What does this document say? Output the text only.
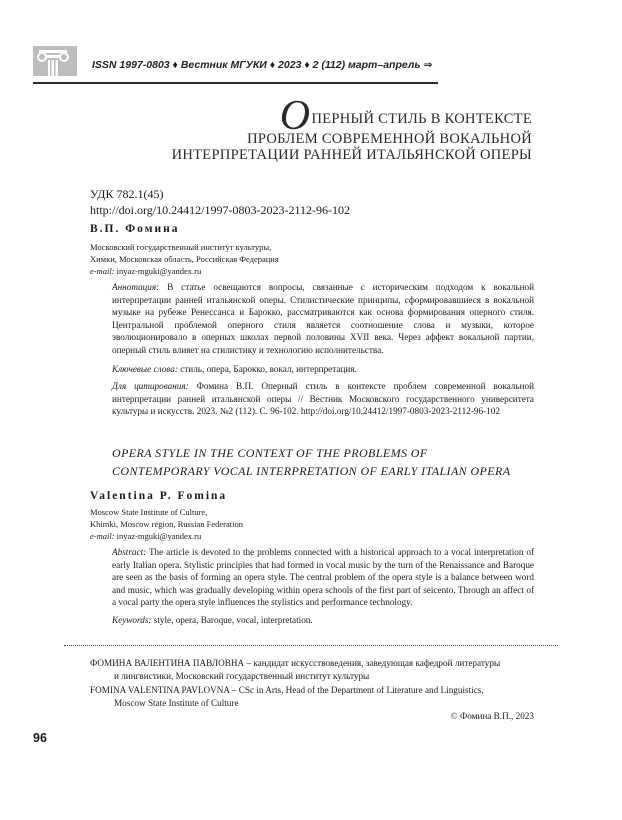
ISSN 1997-0803 ♦ Вестник МГУКИ ♦ 2023 ♦ 2 (112) март–апрель ⇒
ОПЕРНЫЙ СТИЛЬ В КОНТЕКСТЕ
ПРОБЛЕМ СОВРЕМЕННОЙ ВОКАЛЬНОЙ
ИНТЕРПРЕТАЦИИ РАННЕЙ ИТАЛЬЯНСКОЙ ОПЕРЫ
УДК 782.1(45)
http://doi.org/10.24412/1997-0803-2023-2112-96-102
В.П. Фомина
Московский государственный институт культуры,
Химки, Московская область, Российская Федерация
e-mail: inyaz-mguki@yandex.ru
Аннотация: В статье освещаются вопросы, связанные с историческим подходом к вокальной интерпретации ранней итальянской оперы. Стилистические принципы, сформировавшиеся в вокальной музыке на рубеже Ренессанса и Барокко, рассматриваются как основа формирования оперного стиля. Центральной проблемой оперного стиля является соотношение слова и музыки, которое эволюционировало в оперных школах первой половины XVII века. Через аффект вокальной партии, оперный стиль влияет на стилистику и технологию исполнительства.
Ключевые слова: стиль, опера, Барокко, вокал, интерпретация.
Для цитирования: Фомина В.П. Оперный стиль в контексте проблем современной вокальной интерпретации ранней итальянской оперы // Вестник Московского государственного университета культуры и искусств. 2023. №2 (112). С. 96-102. http://doi.org/10.24412/1997-0803-2023-2112-96-102
OPERA STYLE IN THE CONTEXT OF THE PROBLEMS OF
CONTEMPORARY VOCAL INTERPRETATION OF EARLY ITALIAN OPERA
Valentina P. Fomina
Moscow State Institute of Culture,
Khimki, Moscow region, Russian Federation
e-mail: inyaz-mguki@yandex.ru
Abstract: The article is devoted to the problems connected with a historical approach to a vocal interpretation of early Italian opera. Stylistic principles that had formed in vocal music by the turn of the Renaissance and Baroque are seen as the basis of forming an opera style. The central problem of the opera style is a balance between word and music, which was gradually developing within opera schools of the first part of seicento. Through an affect of a vocal party the opera style influences the stylistics and performance technology.
Keywords: style, opera, Baroque, vocal, interpretation.
ФОМИНА ВАЛЕНТИНА ПАВЛОВНА – кандидат искусствоведения, заведующая кафедрой литературы
и лингвистики, Московский государственный институт культуры
FOMINA VALENTINA PAVLOVNA – CSc in Arts, Head of the Department of Literature and Linguistics,
Moscow State Institute of Culture
© Фомина В.П., 2023
96
